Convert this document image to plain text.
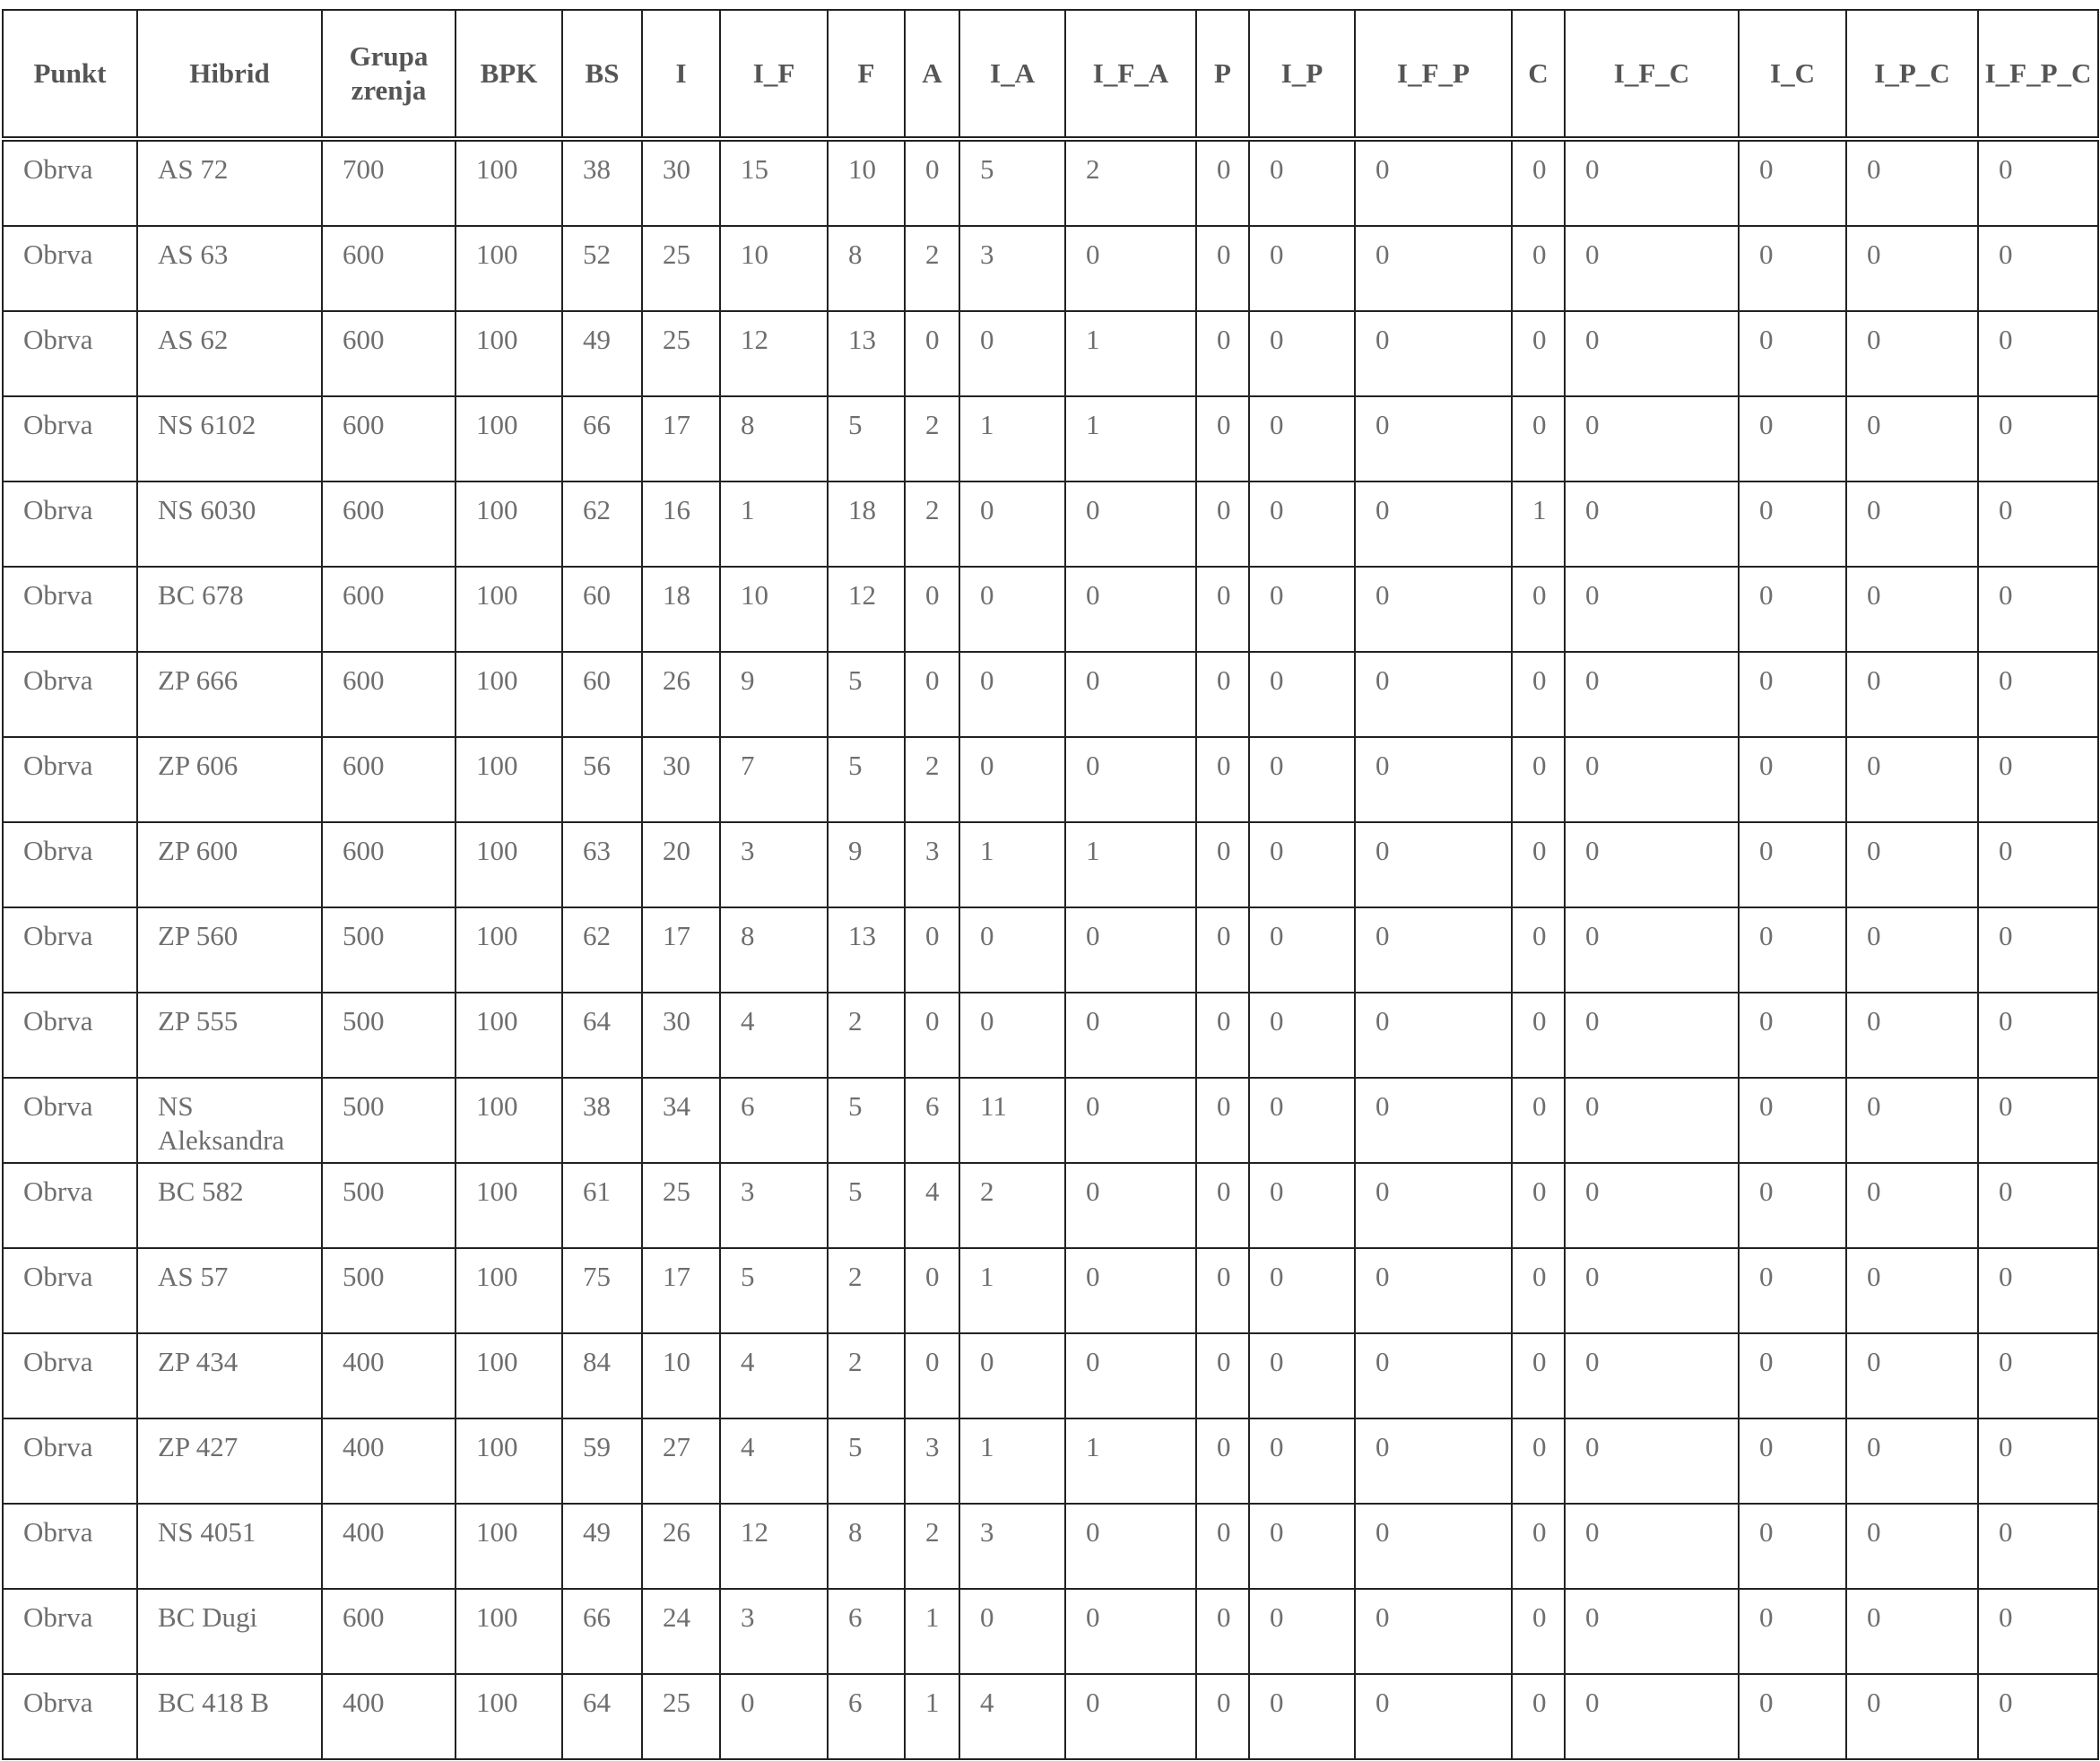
Punkt	Hibrid	Grupa zrenja	BPK	BS	I	I_F	F	A	I_A	I_F_A	P	I_P	I_F_P	C	I_F_C	I_C	I_P_C	I_F_P_C
Obrva	AS 72	700	100	38	30	15	10	0	5	2	0	0	0	0	0	0	0	0
Obrva	AS 63	600	100	52	25	10	8	2	3	0	0	0	0	0	0	0	0	0
Obrva	AS 62	600	100	49	25	12	13	0	0	1	0	0	0	0	0	0	0	0
Obrva	NS 6102	600	100	66	17	8	5	2	1	1	0	0	0	0	0	0	0	0
Obrva	NS 6030	600	100	62	16	1	18	2	0	0	0	0	0	1	0	0	0	0
Obrva	BC 678	600	100	60	18	10	12	0	0	0	0	0	0	0	0	0	0	0
Obrva	ZP 666	600	100	60	26	9	5	0	0	0	0	0	0	0	0	0	0	0
Obrva	ZP 606	600	100	56	30	7	5	2	0	0	0	0	0	0	0	0	0	0
Obrva	ZP 600	600	100	63	20	3	9	3	1	1	0	0	0	0	0	0	0	0
Obrva	ZP 560	500	100	62	17	8	13	0	0	0	0	0	0	0	0	0	0	0
Obrva	ZP 555	500	100	64	30	4	2	0	0	0	0	0	0	0	0	0	0	0
Obrva	NS Aleksandra	500	100	38	34	6	5	6	11	0	0	0	0	0	0	0	0	0
Obrva	BC 582	500	100	61	25	3	5	4	2	0	0	0	0	0	0	0	0	0
Obrva	AS 57	500	100	75	17	5	2	0	1	0	0	0	0	0	0	0	0	0
Obrva	ZP 434	400	100	84	10	4	2	0	0	0	0	0	0	0	0	0	0	0
Obrva	ZP 427	400	100	59	27	4	5	3	1	1	0	0	0	0	0	0	0	0
Obrva	NS 4051	400	100	49	26	12	8	2	3	0	0	0	0	0	0	0	0	0
Obrva	BC Dugi	600	100	66	24	3	6	1	0	0	0	0	0	0	0	0	0	0
Obrva	BC 418 B	400	100	64	25	0	6	1	4	0	0	0	0	0	0	0	0	0
